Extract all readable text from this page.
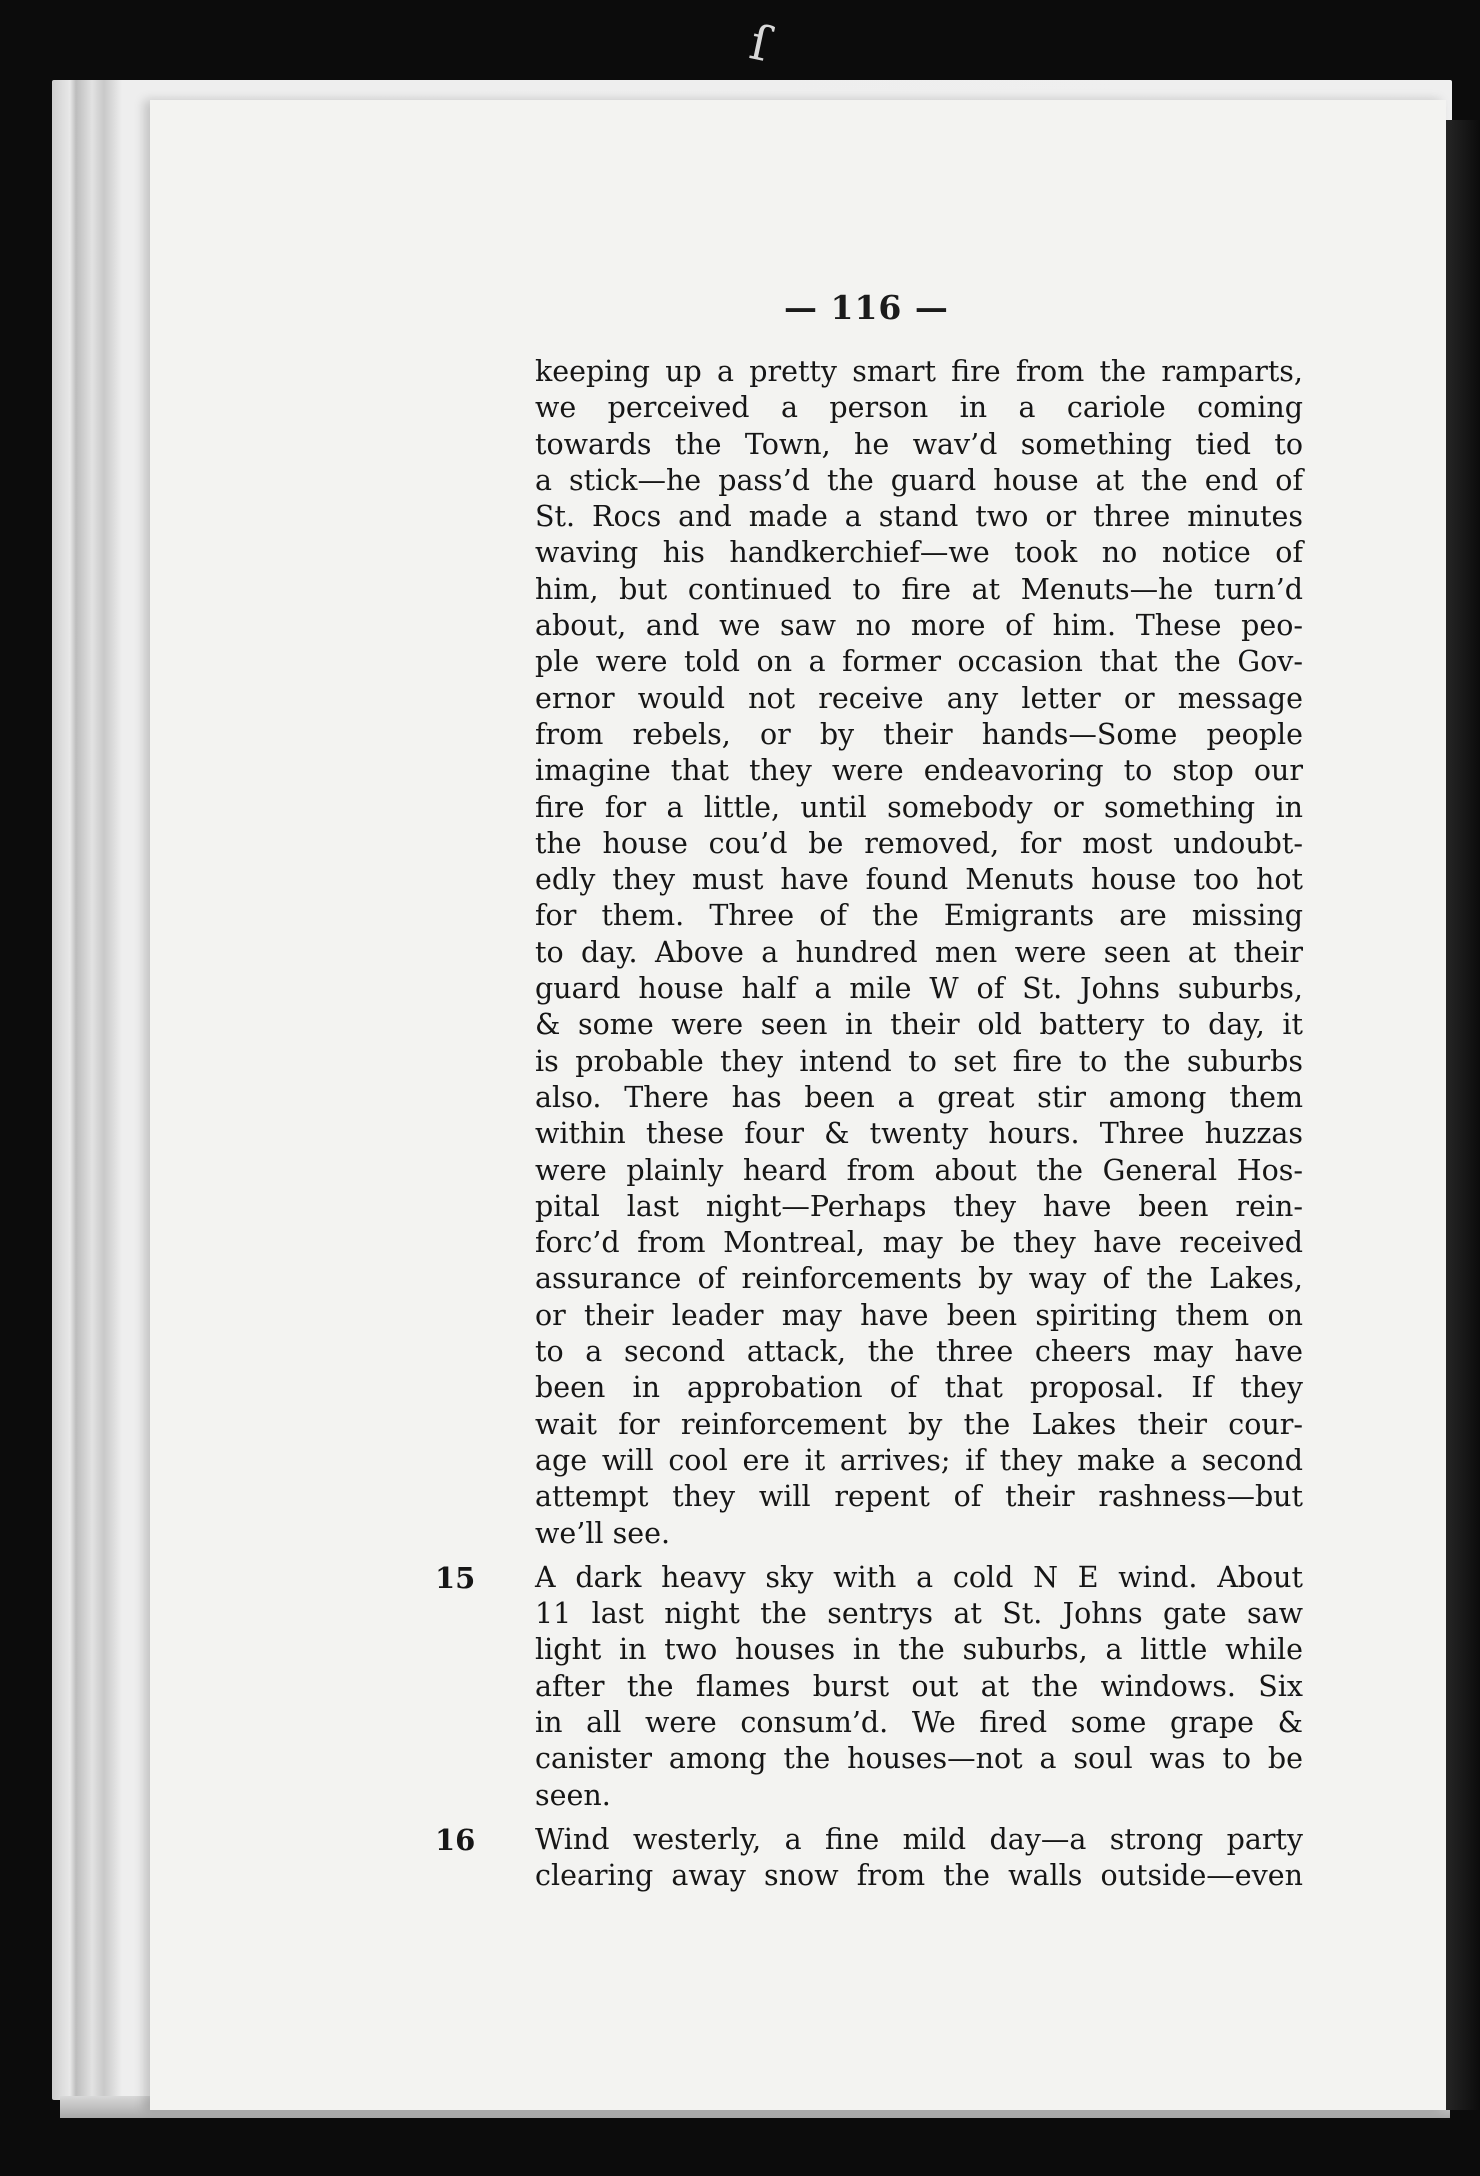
ſ
— 116 —
keeping up a pretty smart fire from the ramparts,
we perceived a person in a cariole coming
towards the Town, he wav’d something tied to
a stick—he pass’d the guard house at the end of
St. Rocs and made a stand two or three minutes
waving his handkerchief—we took no notice of
him, but continued to fire at Menuts—he turn’d
about, and we saw no more of him. These peo-
ple were told on a former occasion that the Gov-
ernor would not receive any letter or message
from rebels, or by their hands—Some people
imagine that they were endeavoring to stop our
fire for a little, until somebody or something in
the house cou’d be removed, for most undoubt-
edly they must have found Menuts house too hot
for them. Three of the Emigrants are missing
to day. Above a hundred men were seen at their
guard house half a mile W of St. Johns suburbs,
& some were seen in their old battery to day, it
is probable they intend to set fire to the suburbs
also. There has been a great stir among them
within these four & twenty hours. Three huzzas
were plainly heard from about the General Hos-
pital last night—Perhaps they have been rein-
forc’d from Montreal, may be they have received
assurance of reinforcements by way of the Lakes,
or their leader may have been spiriting them on
to a second attack, the three cheers may have
been in approbation of that proposal. If they
wait for reinforcement by the Lakes their cour-
age will cool ere it arrives; if they make a second
attempt they will repent of their rashness—but
we’ll see.
15 A dark heavy sky with a cold N E wind. About
11 last night the sentrys at St. Johns gate saw
light in two houses in the suburbs, a little while
after the flames burst out at the windows. Six
in all were consum’d. We fired some grape &
canister among the houses—not a soul was to be
seen.
16 Wind westerly, a fine mild day—a strong party
clearing away snow from the walls outside—even
